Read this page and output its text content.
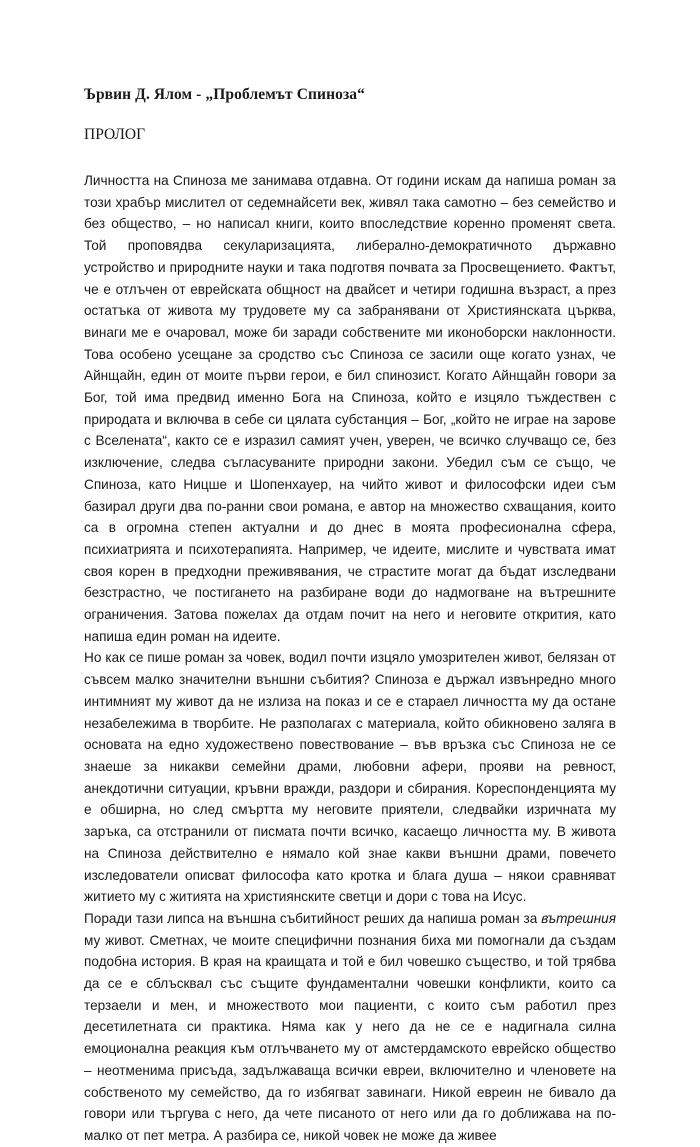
Ървин Д. Ялом - „Проблемът Спиноза“
ПРОЛОГ

Личността на Спиноза ме занимава отдавна. От години искам да напиша роман за този храбър мислител от седемнайсети век, живял така самотно – без семейство и без общество, – но написал книги, които впоследствие коренно променят света. Той проповядва секуларизацията, либерално-демократичното държавно устройство и природните науки и така подготвя почвата за Просвещението. Фактът, че е отлъчен от еврейската общност на двайсет и четири годишна възраст, а през остатъка от живота му трудовете му са забранявани от Християнската църква, винаги ме е очаровал, може би заради собствените ми иконоборски наклонности. Това особено усещане за сродство със Спиноза се засили още когато узнах, че Айнщайн, един от моите първи герои, е бил спинозист. Когато Айнщайн говори за Бог, той има предвид именно Бога на Спиноза, който е изцяло тъждествен с природата и включва в себе си цялата субстанция – Бог, „който не играе на зарове с Вселената“, както се е изразил самият учен, уверен, че всичко случващо се, без изключение, следва съгласуваните природни закони. Убедил съм се също, че Спиноза, като Ницше и Шопенхауер, на чийто живот и философски идеи съм базирал други два по-ранни свои романа, е автор на множество схващания, които са в огромна степен актуални и до днес в моята професионална сфера, психиатрията и психотерапията. Например, че идеите, мислите и чувствата имат своя корен в предходни преживявания, че страстите могат да бъдат изследвани безстрастно, че постигането на разбиране води до надмогване на вътрешните ограничения. Затова пожелах да отдам почит на него и неговите открития, като напиша един роман на идеите.

Но как се пише роман за човек, водил почти изцяло умозрителен живот, белязан от съвсем малко значителни външни събития? Спиноза е държал извънредно много интимният му живот да не излиза на показ и се е стараел личността му да остане незабележима в творбите. Не разполагах с материала, който обикновено залягa в основата на едно художествено повествование – във връзка със Спиноза не се знаеше за никакви семейни драми, любовни афери, прояви на ревност, анекдотични ситуации, кръвни вражди, раздори и сбирания. Кореспонденцията му е обширна, но след смъртта му неговите приятели, следвайки изричната му заръка, са отстранили от писмата почти всичко, касаещо личността му. В живота на Спиноза действително е нямало кой знае какви външни драми, повечето изследователи описват философа като кротка и блага душа – някои сравняват житието му с житията на християнските светци и дори с това на Исус.

Поради тази липса на външна събитийност реших да напиша роман за вътрешния му живот. Сметнах, че моите специфични познания биха ми помогнали да създам подобна история. В края на краищата и той е бил човешко същество, и той трябва да се е сблъсквал със същите фундаментални човешки конфликти, които са терзаели и мен, и множеството мои пациенти, с които съм работил през десетилетната си практика. Няма как у него да не се е надигнала силна емоционална реакция към отлъчването му от амстердамското еврейско общество – неотменима присъда, задължаваща всички евреи, включително и членовете на собственото му семейство, да го избягват завинаги. Никой евреин не бивало да говори или търгува с него, да чете писаното от него или да го доближава на по-малко от пет метра. А разбира се, никой човек не може да живее
